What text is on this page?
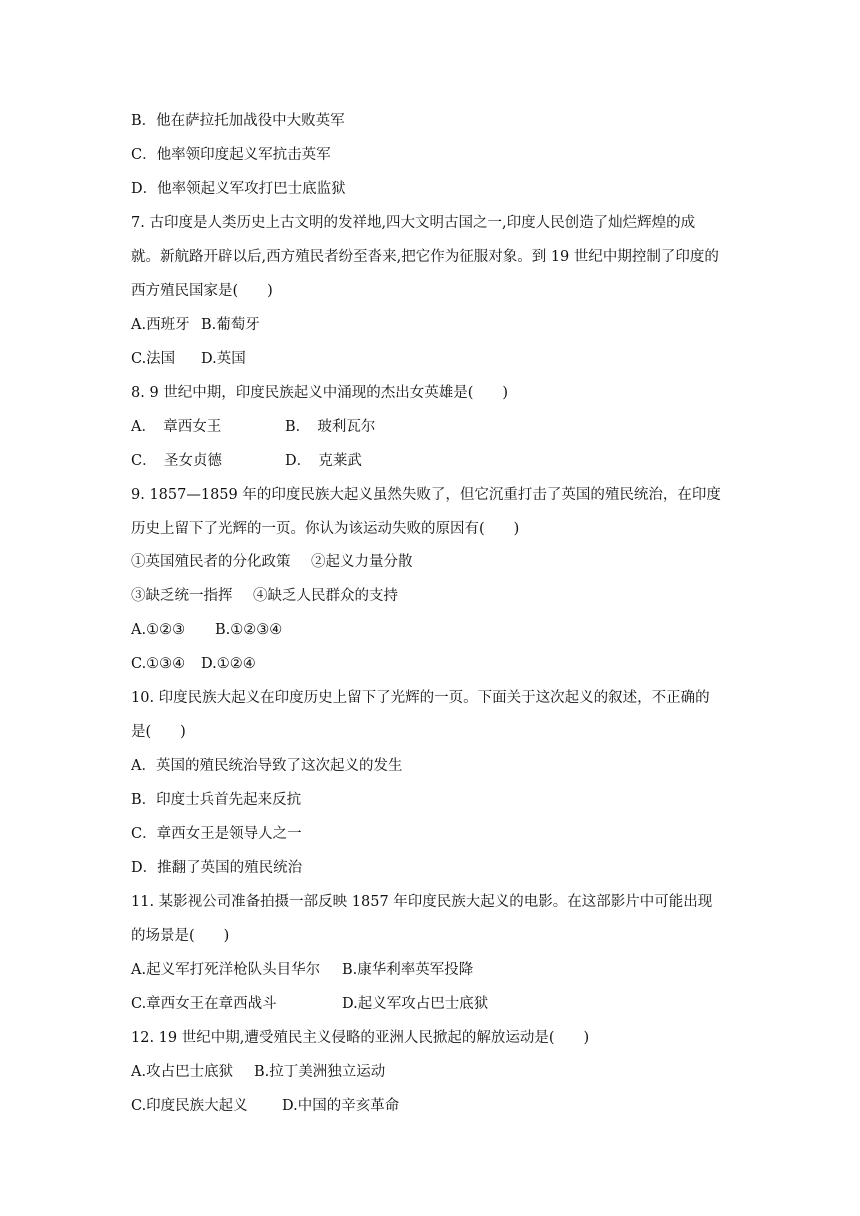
B．他在萨拉托加战役中大败英军
C．他率领印度起义军抗击英军
D．他率领起义军攻打巴士底监狱
7. 古印度是人类历史上古文明的发祥地,四大文明古国之一,印度人民创造了灿烂辉煌的成
就。新航路开辟以后,西方殖民者纷至沓来,把它作为征服对象。到 19 世纪中期控制了印度的
西方殖民国家是(　　)
A.西班牙 B.葡萄牙
C.法国	D.英国
8. 9 世纪中期，印度民族起义中涌现的杰出女英雄是(　　)
A．　章西女王	B．　玻利瓦尔
C．　圣女贞德	D．　克莱武
9. 1857—1859 年的印度民族大起义虽然失败了，但它沉重打击了英国的殖民统治，在印度
历史上留下了光辉的一页。你认为该运动失败的原因有(　　)
①英国殖民者的分化政策	②起义力量分散
③缺乏统一指挥	④缺乏人民群众的支持
A.①②③	B.①②③④
C.①③④	D.①②④
10. 印度民族大起义在印度历史上留下了光辉的一页。下面关于这次起义的叙述，不正确的
是(　　)
A．英国的殖民统治导致了这次起义的发生
B．印度士兵首先起来反抗
C．章西女王是领导人之一
D．推翻了英国的殖民统治
11. 某影视公司准备拍摄一部反映 1857 年印度民族大起义的电影。在这部影片中可能出现
的场景是(　　)
A.起义军打死洋枪队头目华尔	B.康华利率英军投降
C.章西女王在章西战斗	D.起义军攻占巴士底狱
12. 19 世纪中期,遭受殖民主义侵略的亚洲人民掀起的解放运动是(　　)
A.攻占巴士底狱	B.拉丁美洲独立运动
C.印度民族大起义	D.中国的辛亥革命
